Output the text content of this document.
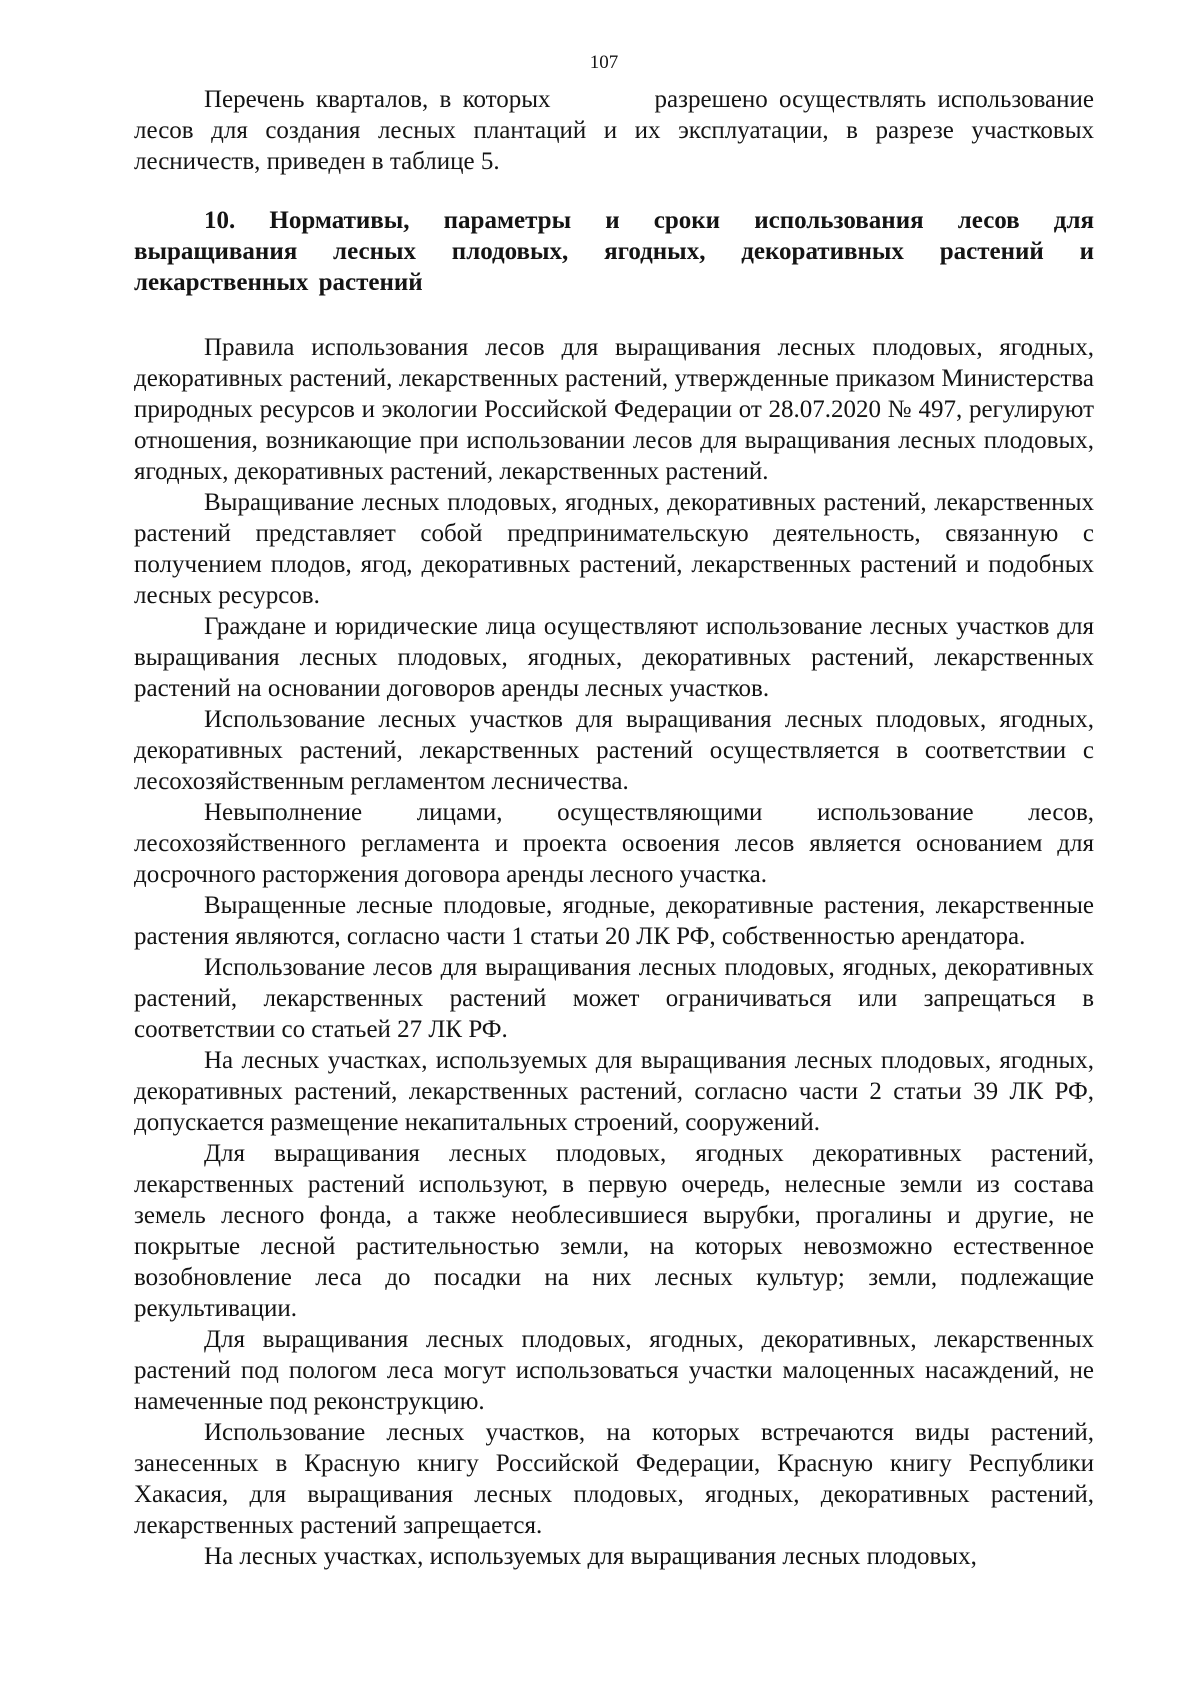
107

Перечень кварталов, в которых	разрешено осуществлять использование лесов для создания лесных плантаций и их эксплуатации, в разрезе участковых лесничеств, приведен в таблице 5.

10. Нормативы, параметры и сроки использования лесов для выращивания лесных плодовых, ягодных, декоративных растений и лекарственных растений

Правила использования лесов для выращивания лесных плодовых, ягодных, декоративных растений, лекарственных растений, утвержденные приказом Министерства природных ресурсов и экологии Российской Федерации от 28.07.2020 № 497, регулируют отношения, возникающие при использовании лесов для выращивания лесных плодовых, ягодных, декоративных растений, лекарственных растений.

Выращивание лесных плодовых, ягодных, декоративных растений, лекарственных растений представляет собой предпринимательскую деятельность, связанную с получением плодов, ягод, декоративных растений, лекарственных растений и подобных лесных ресурсов.

Граждане и юридические лица осуществляют использование лесных участков для выращивания лесных плодовых, ягодных, декоративных растений, лекарственных растений на основании договоров аренды лесных участков.

Использование лесных участков для выращивания лесных плодовых, ягодных, декоративных растений, лекарственных растений осуществляется в соответствии с лесохозяйственным регламентом лесничества.

Невыполнение лицами, осуществляющими использование лесов, лесохозяйственного регламента и проекта освоения лесов является основанием для досрочного расторжения договора аренды лесного участка.

Выращенные лесные плодовые, ягодные, декоративные растения, лекарственные растения являются, согласно части 1 статьи 20 ЛК РФ, собственностью арендатора.

Использование лесов для выращивания лесных плодовых, ягодных, декоративных растений, лекарственных растений может ограничиваться или запрещаться в соответствии со статьей 27 ЛК РФ.

На лесных участках, используемых для выращивания лесных плодовых, ягодных, декоративных растений, лекарственных растений, согласно части 2 статьи 39 ЛК РФ, допускается размещение некапитальных строений, сооружений.

Для выращивания лесных плодовых, ягодных декоративных растений, лекарственных растений используют, в первую очередь, нелесные земли из состава земель лесного фонда, а также необлесившиеся вырубки, прогалины и другие, не покрытые лесной растительностью земли, на которых невозможно естественное возобновление леса до посадки на них лесных культур; земли, подлежащие рекультивации.

Для выращивания лесных плодовых, ягодных, декоративных, лекарственных растений под пологом леса могут использоваться участки малоценных насаждений, не намеченные под реконструкцию.

Использование лесных участков, на которых встречаются виды растений, занесенных в Красную книгу Российской Федерации, Красную книгу Республики Хакасия, для выращивания лесных плодовых, ягодных, декоративных растений, лекарственных растений запрещается.

На лесных участках, используемых для выращивания лесных плодовых,
